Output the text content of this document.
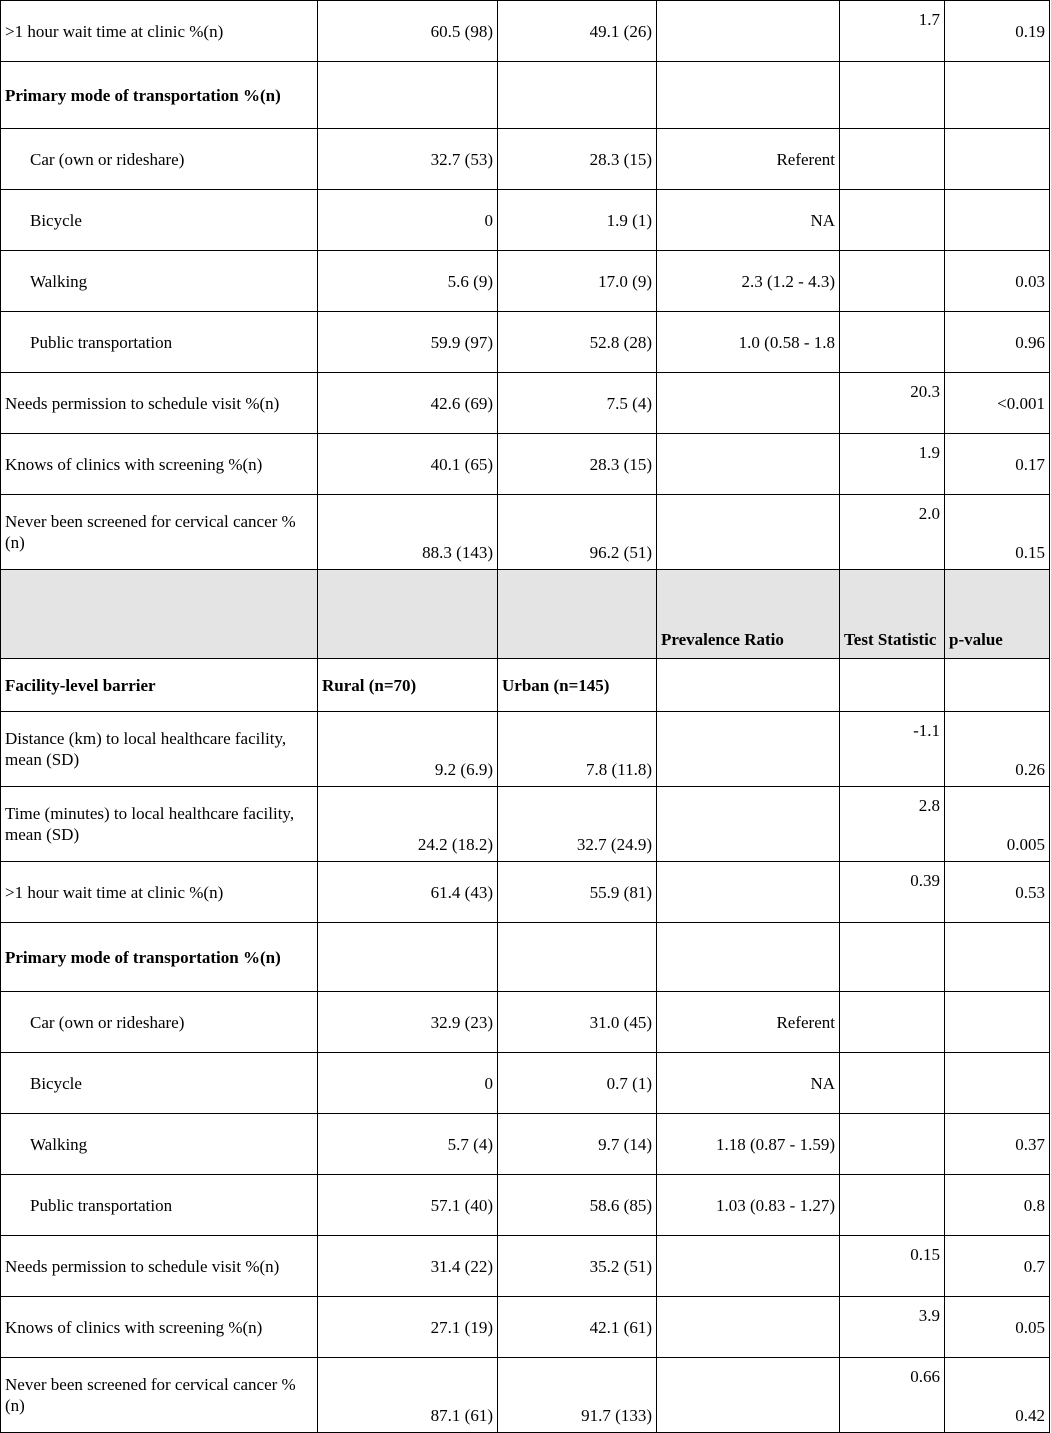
>1 hour wait time at clinic %(n)	60.5 (98)	49.1 (26)		1.7	0.19
Primary mode of transportation %(n)					
Car (own or rideshare)	32.7 (53)	28.3 (15)	Referent		
Bicycle	0	1.9 (1)	NA		
Walking	5.6 (9)	17.0 (9)	2.3 (1.2 - 4.3)		0.03
Public transportation	59.9 (97)	52.8 (28)	1.0 (0.58 - 1.8		0.96
Needs permission to schedule visit %(n)	42.6 (69)	7.5 (4)		20.3	<0.001
Knows of clinics with screening %(n)	40.1 (65)	28.3 (15)		1.9	0.17
Never been screened for cervical cancer %(n)	88.3 (143)	96.2 (51)		2.0	0.15
			Prevalence Ratio	Test Statistic	p-value
Facility-level barrier	Rural (n=70)	Urban (n=145)			
Distance (km) to local healthcare facility, mean (SD)	9.2 (6.9)	7.8 (11.8)		-1.1	0.26
Time (minutes) to local healthcare facility, mean (SD)	24.2 (18.2)	32.7 (24.9)		2.8	0.005
>1 hour wait time at clinic %(n)	61.4 (43)	55.9 (81)		0.39	0.53
Primary mode of transportation %(n)					
Car (own or rideshare)	32.9 (23)	31.0 (45)	Referent		
Bicycle	0	0.7 (1)	NA		
Walking	5.7 (4)	9.7 (14)	1.18 (0.87 - 1.59)		0.37
Public transportation	57.1 (40)	58.6 (85)	1.03 (0.83 - 1.27)		0.8
Needs permission to schedule visit %(n)	31.4 (22)	35.2 (51)		0.15	0.7
Knows of clinics with screening %(n)	27.1 (19)	42.1 (61)		3.9	0.05
Never been screened for cervical cancer %(n)	87.1 (61)	91.7 (133)		0.66	0.42
